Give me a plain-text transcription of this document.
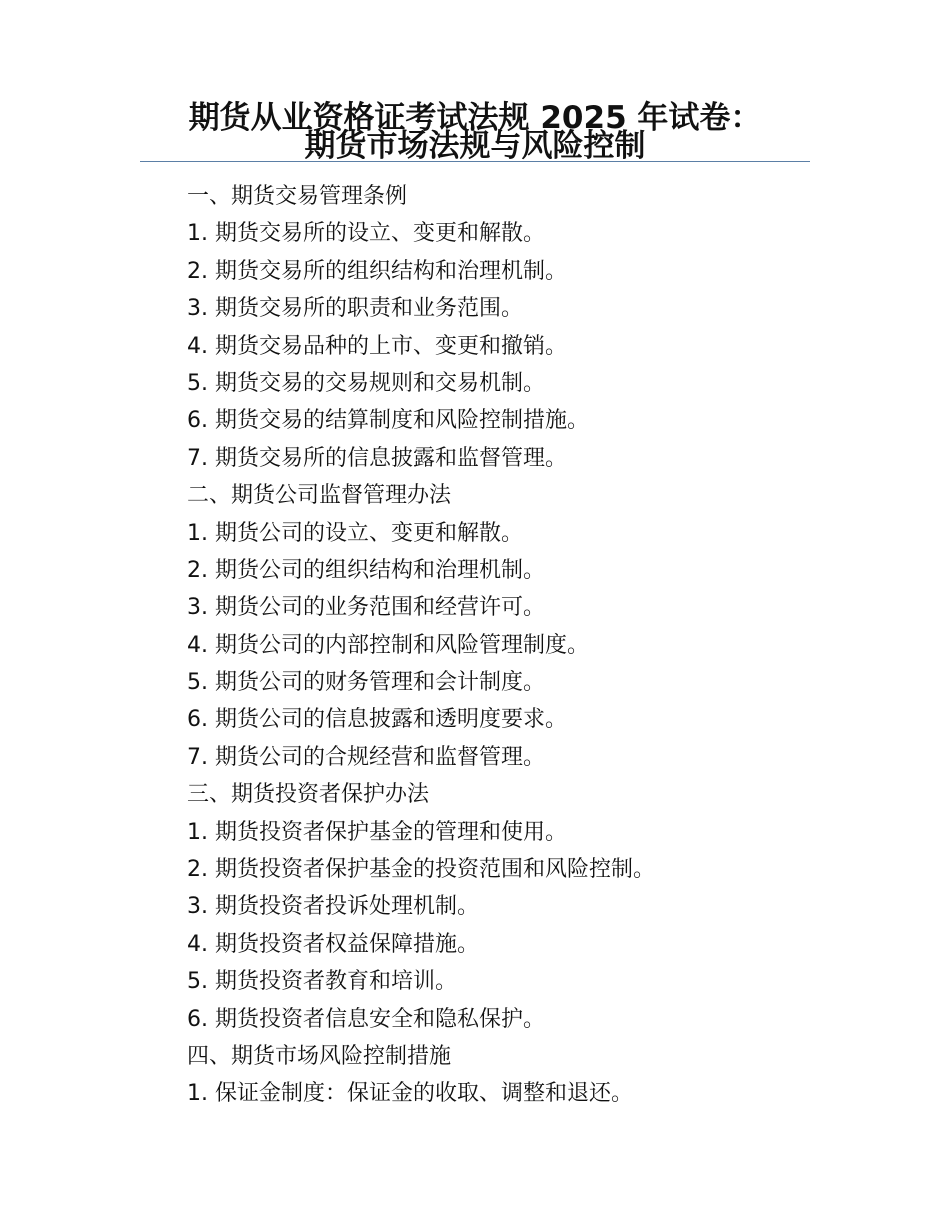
期货从业资格证考试法规 2025 年试卷：
期货市场法规与风险控制
一、期货交易管理条例
1. 期货交易所的设立、变更和解散。
2. 期货交易所的组织结构和治理机制。
3. 期货交易所的职责和业务范围。
4. 期货交易品种的上市、变更和撤销。
5. 期货交易的交易规则和交易机制。
6. 期货交易的结算制度和风险控制措施。
7. 期货交易所的信息披露和监督管理。
二、期货公司监督管理办法
1. 期货公司的设立、变更和解散。
2. 期货公司的组织结构和治理机制。
3. 期货公司的业务范围和经营许可。
4. 期货公司的内部控制和风险管理制度。
5. 期货公司的财务管理和会计制度。
6. 期货公司的信息披露和透明度要求。
7. 期货公司的合规经营和监督管理。
三、期货投资者保护办法
1. 期货投资者保护基金的管理和使用。
2. 期货投资者保护基金的投资范围和风险控制。
3. 期货投资者投诉处理机制。
4. 期货投资者权益保障措施。
5. 期货投资者教育和培训。
6. 期货投资者信息安全和隐私保护。
四、期货市场风险控制措施
1. 保证金制度：保证金的收取、调整和退还。
